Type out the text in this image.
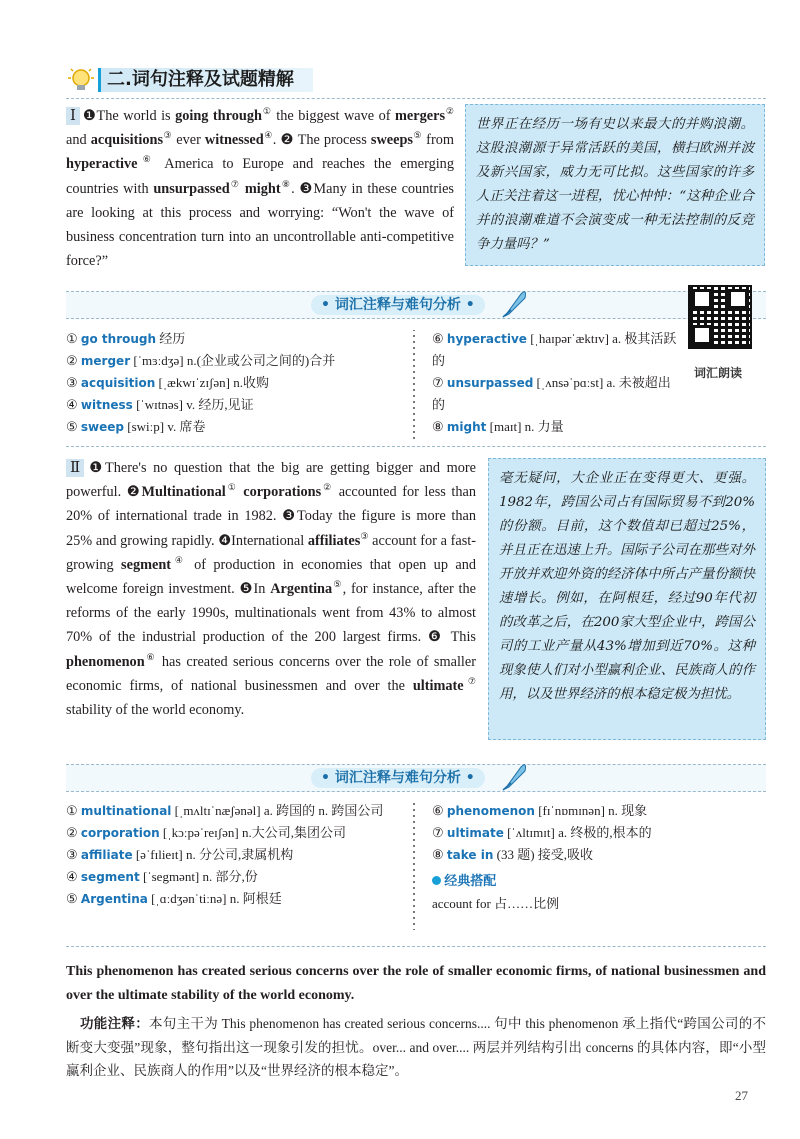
二.词句注释及试题精解

Ⅰ ❶The world is going through① the biggest wave of mergers② and acquisitions③ ever witnessed④. ❷ The process sweeps⑤ from hyperactive⑥ America to Europe and reaches the emerging countries with unsurpassed⑦ might⑧. ❸Many in these countries are looking at this process and worrying: “Won't the wave of business concentration turn into an uncontrollable anti-competitive force?”

世界正在经历一场有史以来最大的并购浪潮。这股浪潮源于异常活跃的美国，横扫欧洲并波及新兴国家，威力无可比拟。这些国家的许多人正关注着这一进程，忧心忡忡：“这种企业合并的浪潮难道不会演变成一种无法控制的反竞争力量吗？”
• 词汇注释与难句分析 •
① go through 经历
② merger [ˈmɜːdʒə] n.(企业或公司之间的)合并
③ acquisition [ˌækwɪˈzɪʃən] n.收购
④ witness [ˈwɪtnəs] v. 经历,见证
⑤ sweep [swiːp] v. 席卷
⑥ hyperactive [ˌhaɪpərˈæktɪv] a. 极其活跃的
⑦ unsurpassed [ˌʌnsəˈpɑːst] a. 未被超出的
⑧ might [maɪt] n. 力量
词汇朗读

Ⅱ ❶There's no question that the big are getting bigger and more powerful. ❷Multinational① corporations② accounted for less than 20% of international trade in 1982. ❸Today the figure is more than 25% and growing rapidly. ❹International affiliates③ account for a fast-growing segment④ of production in economies that open up and welcome foreign investment. ❺In Argentina⑤, for instance, after the reforms of the early 1990s, multinationals went from 43% to almost 70% of the industrial production of the 200 largest firms. ❻ This phenomenon⑥ has created serious concerns over the role of smaller economic firms, of national businessmen and over the ultimate⑦ stability of the world economy.

毫无疑问，大企业正在变得更大、更强。1982年，跨国公司占有国际贸易不到20%的份额。目前，这个数值却已超过25%，并且正在迅速上升。国际子公司在那些对外开放并欢迎外资的经济体中所占产量份额快速增长。例如，在阿根廷，经过90年代初的改革之后，在200家大型企业中，跨国公司的工业产量从43%增加到近70%。这种现象使人们对小型赢利企业、民族商人的作用，以及世界经济的根本稳定极为担忧。
• 词汇注释与难句分析 •
① multinational [ˌmʌltɪˈnæʃənəl] a. 跨国的 n. 跨国公司
② corporation [ˌkɔːpəˈreɪʃən] n.大公司,集团公司
③ affiliate [əˈfɪlieɪt] n. 分公司,隶属机构
④ segment [ˈsegmənt] n. 部分,份
⑤ Argentina [ˌɑːdʒənˈtiːnə] n. 阿根廷
⑥ phenomenon [fɪˈnɒmɪnən] n. 现象
⑦ ultimate [ˈʌltɪmɪt] a. 终极的,根本的
⑧ take in (33 题) 接受,吸收
经典搭配
account for 占……比例

This phenomenon has created serious concerns over the role of smaller economic firms, of national businessmen and over the ultimate stability of the world economy.

功能注释：本句主干为 This phenomenon has created serious concerns.... 句中 this phenomenon 承上指代“跨国公司的不断变大变强”现象，整句指出这一现象引发的担忧。over... and over.... 两层并列结构引出 concerns 的具体内容，即“小型赢利企业、民族商人的作用”以及“世界经济的根本稳定”。

27
